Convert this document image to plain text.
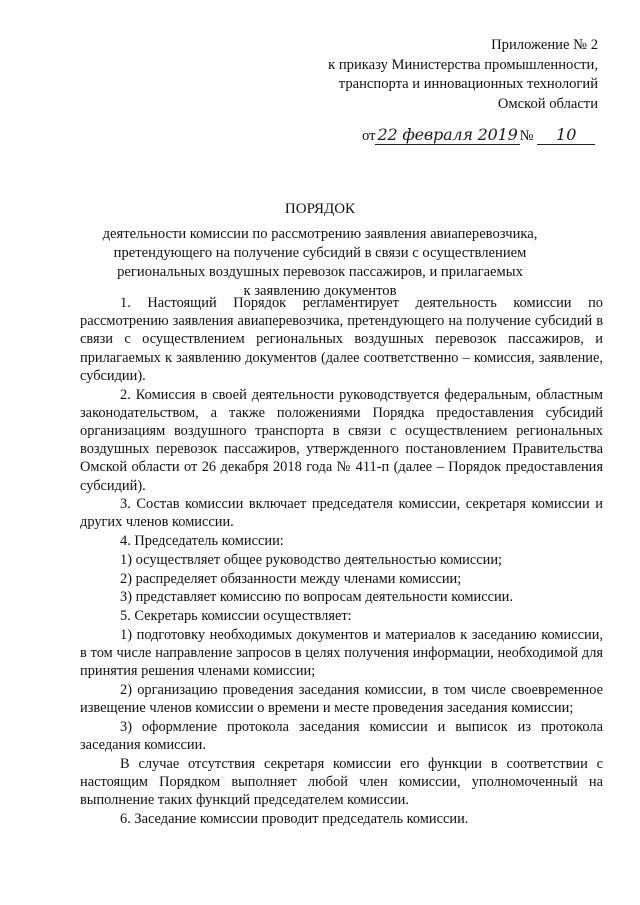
Приложение № 2
к приказу Министерства промышленности,
транспорта и инновационных технологий
Омской области
от 22 февраля 2019 № 10
ПОРЯДОК
деятельности комиссии по рассмотрению заявления авиаперевозчика,
претендующего на получение субсидий в связи с осуществлением
региональных воздушных перевозок пассажиров, и прилагаемых
к заявлению документов

1. Настоящий Порядок регламентирует деятельность комиссии по рассмотрению заявления авиаперевозчика, претендующего на получение субсидий в связи с осуществлением региональных воздушных перевозок пассажиров, и прилагаемых к заявлению документов (далее соответственно – комиссия, заявление, субсидии).

2. Комиссия в своей деятельности руководствуется федеральным, областным законодательством, а также положениями Порядка предоставления субсидий организациям воздушного транспорта в связи с осуществлением региональных воздушных перевозок пассажиров, утвержденного постановлением Правительства Омской области от 26 декабря 2018 года № 411-п (далее – Порядок предоставления субсидий).

3. Состав комиссии включает председателя комиссии, секретаря комиссии и других членов комиссии.

4. Председатель комиссии:

1) осуществляет общее руководство деятельностью комиссии;

2) распределяет обязанности между членами комиссии;

3) представляет комиссию по вопросам деятельности комиссии.

5. Секретарь комиссии осуществляет:

1) подготовку необходимых документов и материалов к заседанию комиссии, в том числе направление запросов в целях получения информации, необходимой для принятия решения членами комиссии;

2) организацию проведения заседания комиссии, в том числе своевременное извещение членов комиссии о времени и месте проведения заседания комиссии;

3) оформление протокола заседания комиссии и выписок из протокола заседания комиссии.

В случае отсутствия секретаря комиссии его функции в соответствии с настоящим Порядком выполняет любой член комиссии, уполномоченный на выполнение таких функций председателем комиссии.

6. Заседание комиссии проводит председатель комиссии.
